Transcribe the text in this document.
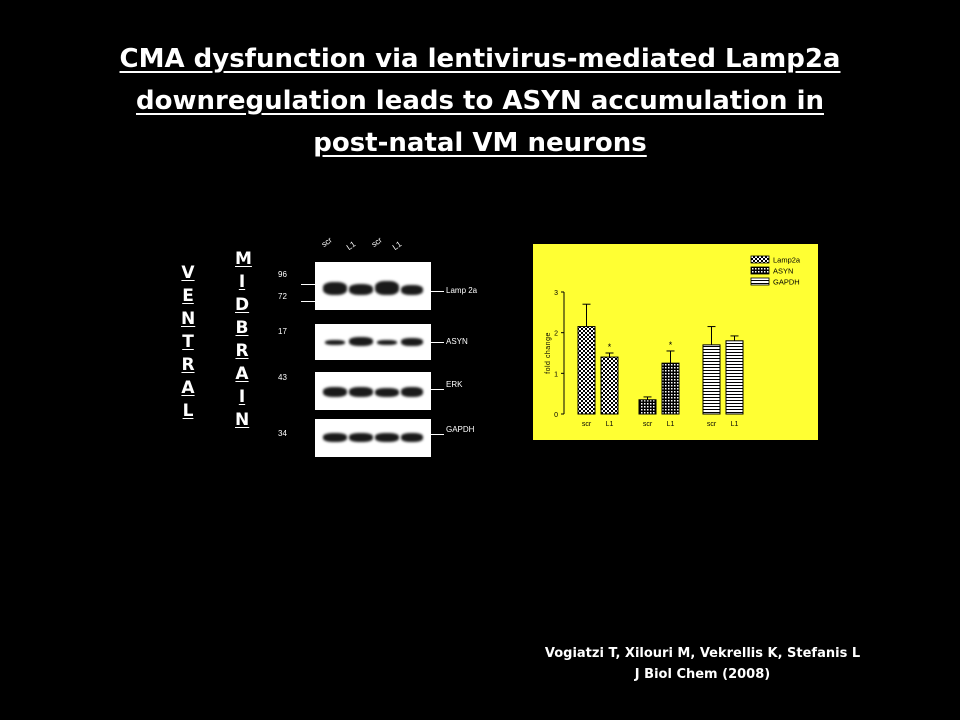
CMA dysfunction via lentivirus-mediated Lamp2a
downregulation leads to ASYN accumulation in
post-natal VM neurons
V
E
N
T
R
A
L
M
I
D
B
R
A
I
N
scr L1 scr L1
96
72
17
43
34
Lamp 2a
ASYN
ERK
GAPDH
0
1
2
3
fold change
scr
*
L1	scr
*
L1	scr L1
Lamp2a
ASYN
GAPDH
Vogiatzi T, Xilouri M, Vekrellis K, Stefanis L
J Biol Chem (2008)
